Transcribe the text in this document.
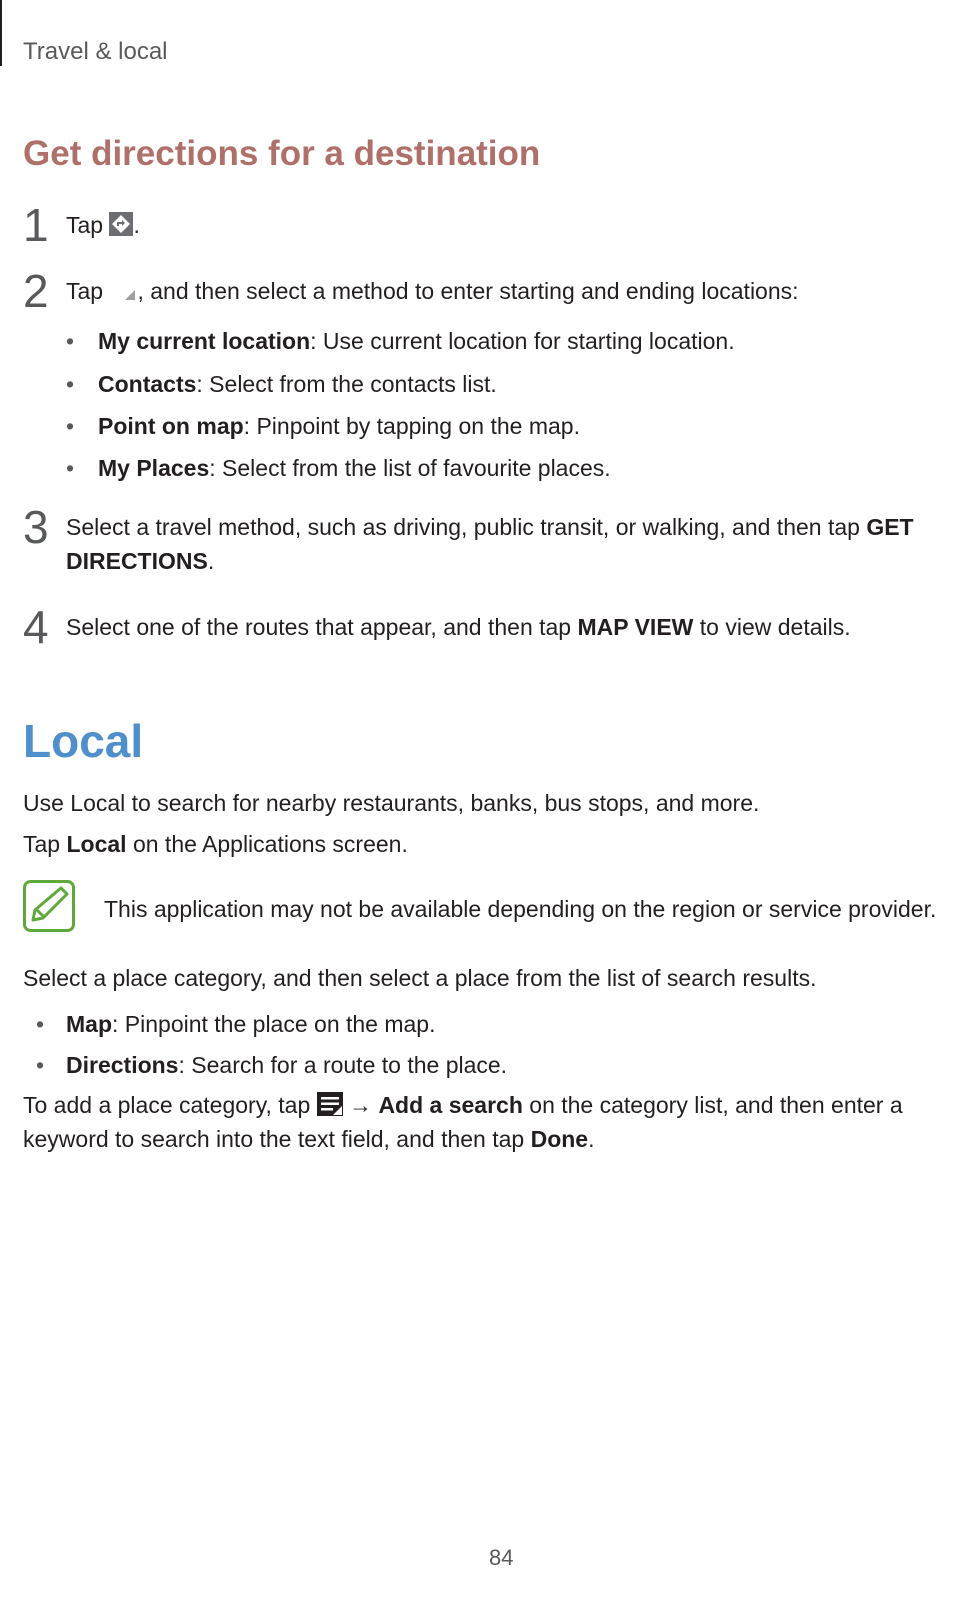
Travel & local
Get directions for a destination
1 Tap .
2 Tap , and then select a method to enter starting and ending locations:
• My current location: Use current location for starting location.
• Contacts: Select from the contacts list.
• Point on map: Pinpoint by tapping on the map.
• My Places: Select from the list of favourite places.
3 Select a travel method, such as driving, public transit, or walking, and then tap GET
DIRECTIONS.
4 Select one of the routes that appear, and then tap MAP VIEW to view details.
Local
Use Local to search for nearby restaurants, banks, bus stops, and more.
Tap Local on the Applications screen.
This application may not be available depending on the region or service provider.
Select a place category, and then select a place from the list of search results.
• Map: Pinpoint the place on the map.
• Directions: Search for a route to the place.
To add a place category, tap  → Add a search on the category list, and then enter a
keyword to search into the text field, and then tap Done.
84
